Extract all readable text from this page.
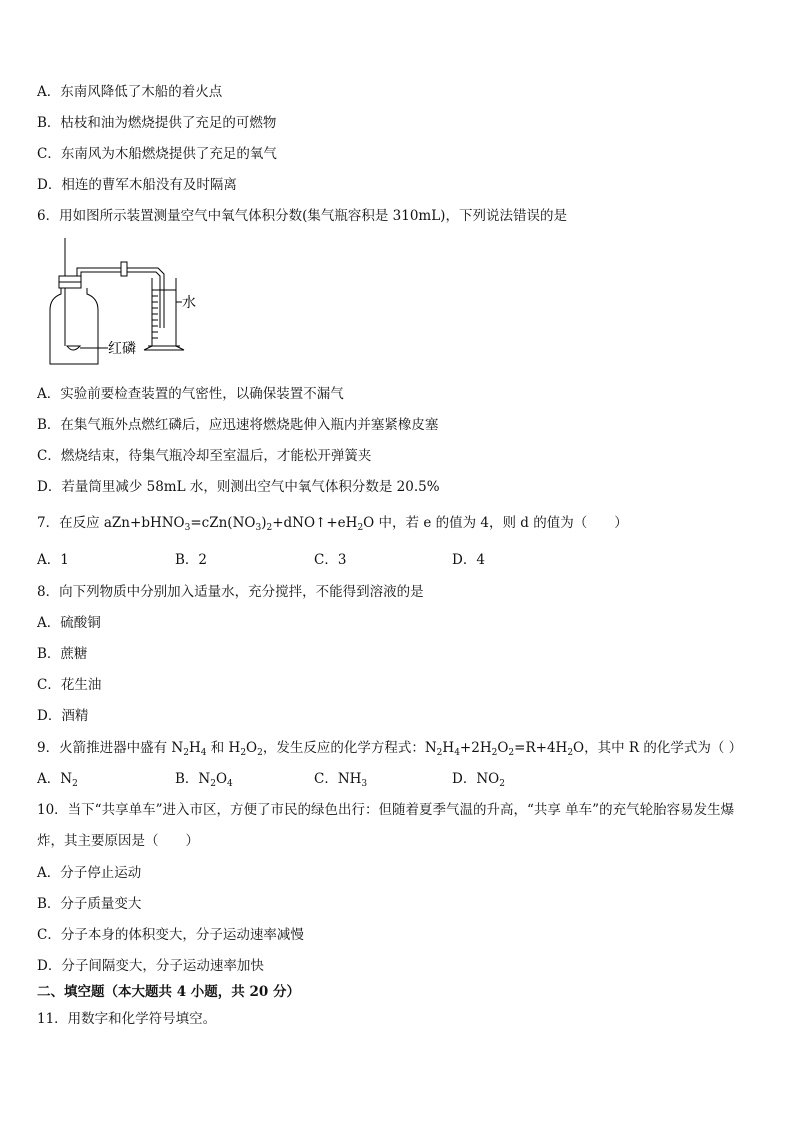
A．东南风降低了木船的着火点
B．枯枝和油为燃烧提供了充足的可燃物
C．东南风为木船燃烧提供了充足的氧气
D．相连的曹军木船没有及时隔离
6．用如图所示装置测量空气中氧气体积分数(集气瓶容积是 310mL)，下列说法错误的是
水
红磷
A．实验前要检查装置的气密性，以确保装置不漏气
B．在集气瓶外点燃红磷后，应迅速将燃烧匙伸入瓶内并塞紧橡皮塞
C．燃烧结束，待集气瓶冷却至室温后，才能松开弹簧夹
D．若量筒里减少 58mL 水，则测出空气中氧气体积分数是 20.5%
7．在反应 $aZn+bHNO_3=cZn(NO_3)_2+dNO↑+eH_2O$ 中，若 e 的值为 4，则 d 的值为（　　）
A．1	B．2	C．3	D．4
8．向下列物质中分别加入适量水，充分搅拌，不能得到溶液的是
A．硫酸铜
B．蔗糖
C．花生油
D．酒精
9．火箭推进器中盛有 $N_2H_4$ 和 $H_2O_2$，发生反应的化学方程式：$N_2H_4+2H_2O_2=R+4H_2O$，其中 R 的化学式为（ ）
A．$N_2$	B．$N_2O_4$	C．$NH_3$	D．$NO_2$
10．当下“共享单车”进入市区，方便了市民的绿色出行：但随着夏季气温的升高，“共享 单车”的充气轮胎容易发生爆
炸，其主要原因是（　　）
A．分子停止运动
B．分子质量变大
C．分子本身的体积变大，分子运动速率减慢
D．分子间隔变大，分子运动速率加快
二、填空题（本大题共 4 小题，共 20 分）
11．用数字和化学符号填空。
